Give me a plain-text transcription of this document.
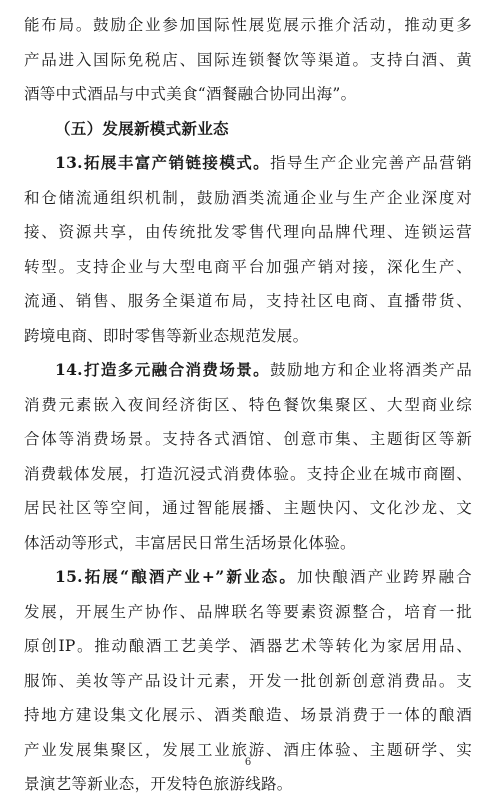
能布局。鼓励企业参加国际性展览展示推介活动，推动更多
产品进入国际免税店、国际连锁餐饮等渠道。支持白酒、黄
酒等中式酒品与中式美食“酒餐融合协同出海”。
（五）发展新模式新业态
13.拓展丰富产销链接模式。指导生产企业完善产品营销
和仓储流通组织机制，鼓励酒类流通企业与生产企业深度对
接、资源共享，由传统批发零售代理向品牌代理、连锁运营
转型。支持企业与大型电商平台加强产销对接，深化生产、
流通、销售、服务全渠道布局，支持社区电商、直播带货、
跨境电商、即时零售等新业态规范发展。
14.打造多元融合消费场景。鼓励地方和企业将酒类产品
消费元素嵌入夜间经济街区、特色餐饮集聚区、大型商业综
合体等消费场景。支持各式酒馆、创意市集、主题街区等新
消费载体发展，打造沉浸式消费体验。支持企业在城市商圈、
居民社区等空间，通过智能展播、主题快闪、文化沙龙、文
体活动等形式，丰富居民日常生活场景化体验。
15.拓展“酿酒产业+”新业态。加快酿酒产业跨界融合
发展，开展生产协作、品牌联名等要素资源整合，培育一批
原创IP。推动酿酒工艺美学、酒器艺术等转化为家居用品、
服饰、美妆等产品设计元素，开发一批创新创意消费品。支
持地方建设集文化展示、酒类酿造、场景消费于一体的酿酒
产业发展集聚区，发展工业旅游、酒庄体验、主题研学、实
景演艺等新业态，开发特色旅游线路。
6
